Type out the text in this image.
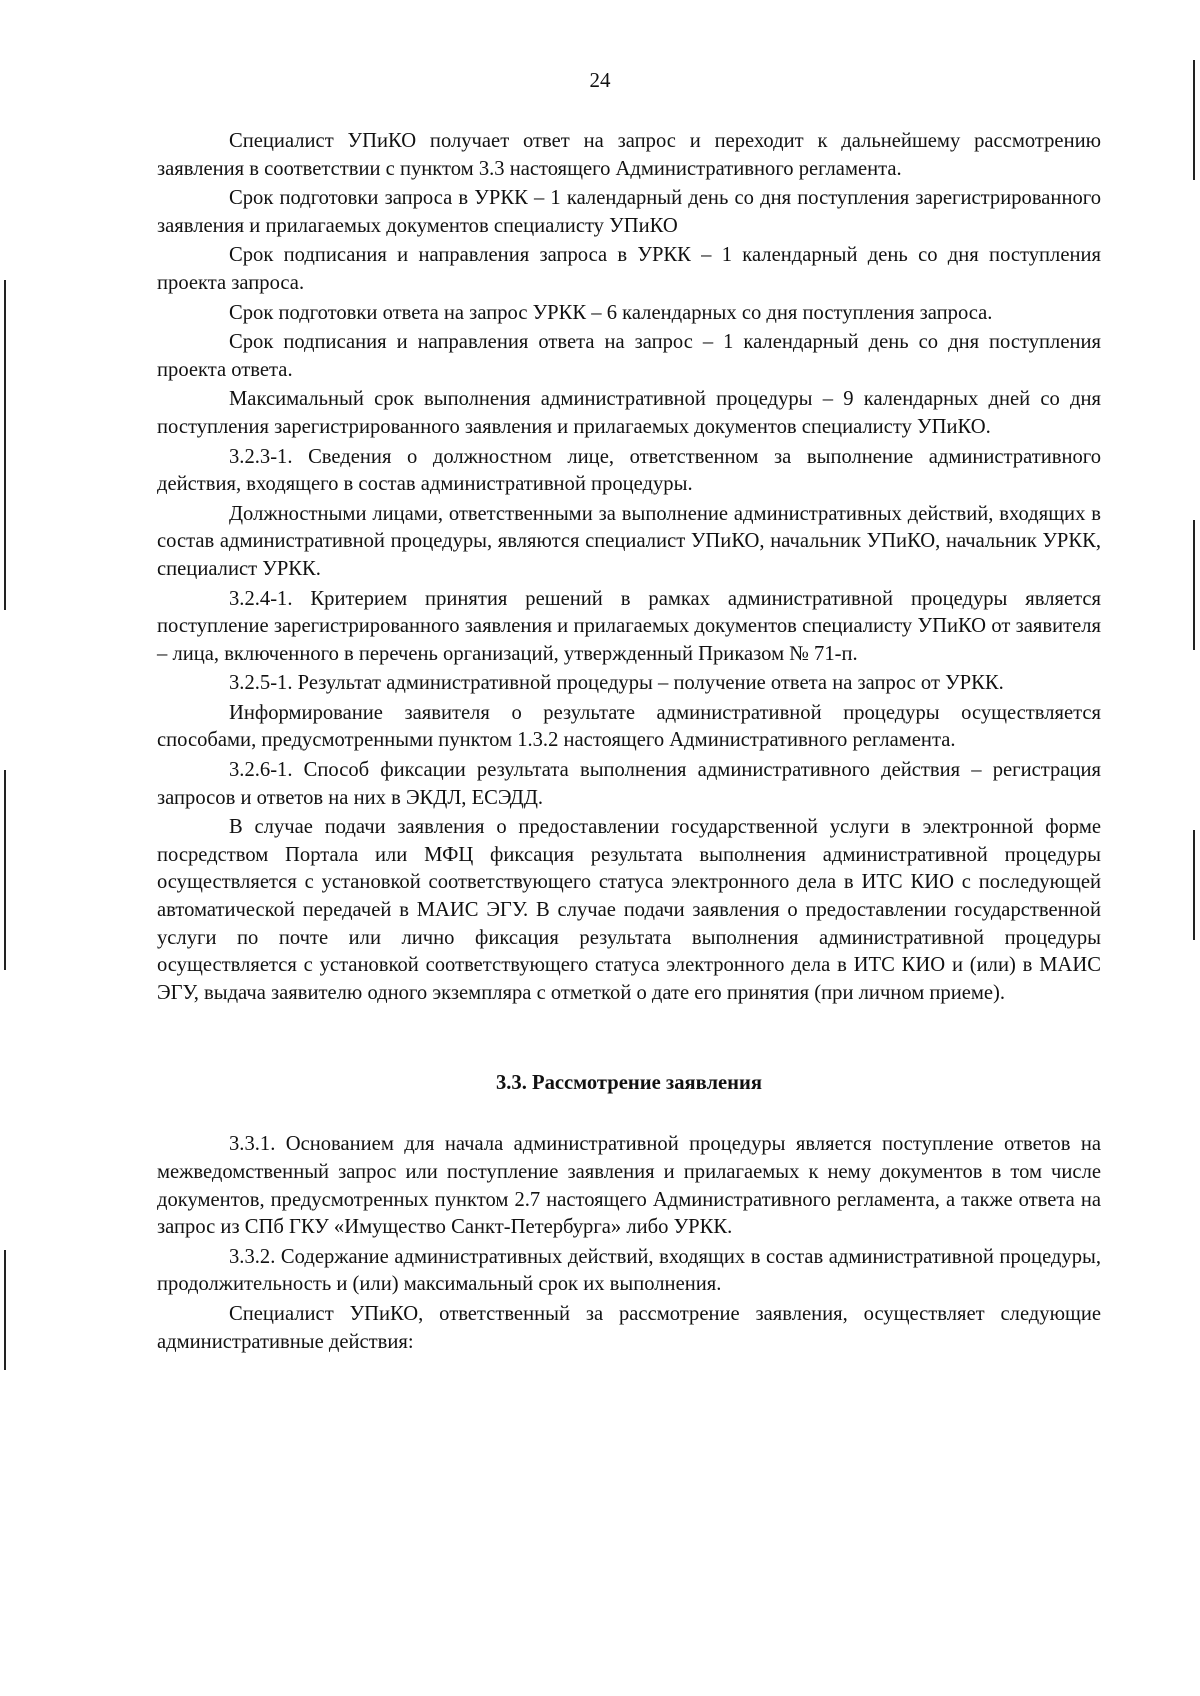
24

Специалист УПиКО получает ответ на запрос и переходит к дальнейшему рассмотрению заявления в соответствии с пунктом 3.3 настоящего Административного регламента.

Срок подготовки запроса в УРКК – 1 календарный день со дня поступления зарегистрированного заявления и прилагаемых документов специалисту УПиКО

Срок подписания и направления запроса в УРКК – 1 календарный день со дня поступления проекта запроса.

Срок подготовки ответа на запрос УРКК – 6 календарных со дня поступления запроса.

Срок подписания и направления ответа на запрос – 1 календарный день со дня поступления проекта ответа.

Максимальный срок выполнения административной процедуры – 9 календарных дней со дня поступления зарегистрированного заявления и прилагаемых документов специалисту УПиКО.

3.2.3-1. Сведения о должностном лице, ответственном за выполнение административного действия, входящего в состав административной процедуры.

Должностными лицами, ответственными за выполнение административных действий, входящих в состав административной процедуры, являются специалист УПиКО, начальник УПиКО, начальник УРКК, специалист УРКК.

3.2.4-1. Критерием принятия решений в рамках административной процедуры является поступление зарегистрированного заявления и прилагаемых документов специалисту УПиКО от заявителя – лица, включенного в перечень организаций, утвержденный Приказом № 71-п.

3.2.5-1. Результат административной процедуры – получение ответа на запрос от УРКК.

Информирование заявителя о результате административной процедуры осуществляется способами, предусмотренными пунктом 1.3.2 настоящего Административного регламента.

3.2.6-1. Способ фиксации результата выполнения административного действия – регистрация запросов и ответов на них в ЭКДЛ, ЕСЭДД.

В случае подачи заявления о предоставлении государственной услуги в электронной форме посредством Портала или МФЦ фиксация результата выполнения административной процедуры осуществляется с установкой соответствующего статуса электронного дела в ИТС КИО с последующей автоматической передачей в МАИС ЭГУ. В случае подачи заявления о предоставлении государственной услуги по почте или лично фиксация результата выполнения административной процедуры осуществляется с установкой соответствующего статуса электронного дела в ИТС КИО и (или) в МАИС ЭГУ, выдача заявителю одного экземпляра с отметкой о дате его принятия (при личном приеме).

3.3. Рассмотрение заявления

3.3.1. Основанием для начала административной процедуры является поступление ответов на межведомственный запрос или поступление заявления и прилагаемых к нему документов в том числе документов, предусмотренных пунктом 2.7 настоящего Административного регламента, а также ответа на запрос из СПб ГКУ «Имущество Санкт-Петербурга» либо УРКК.

3.3.2. Содержание административных действий, входящих в состав административной процедуры, продолжительность и (или) максимальный срок их выполнения.

Специалист УПиКО, ответственный за рассмотрение заявления, осуществляет следующие административные действия:
